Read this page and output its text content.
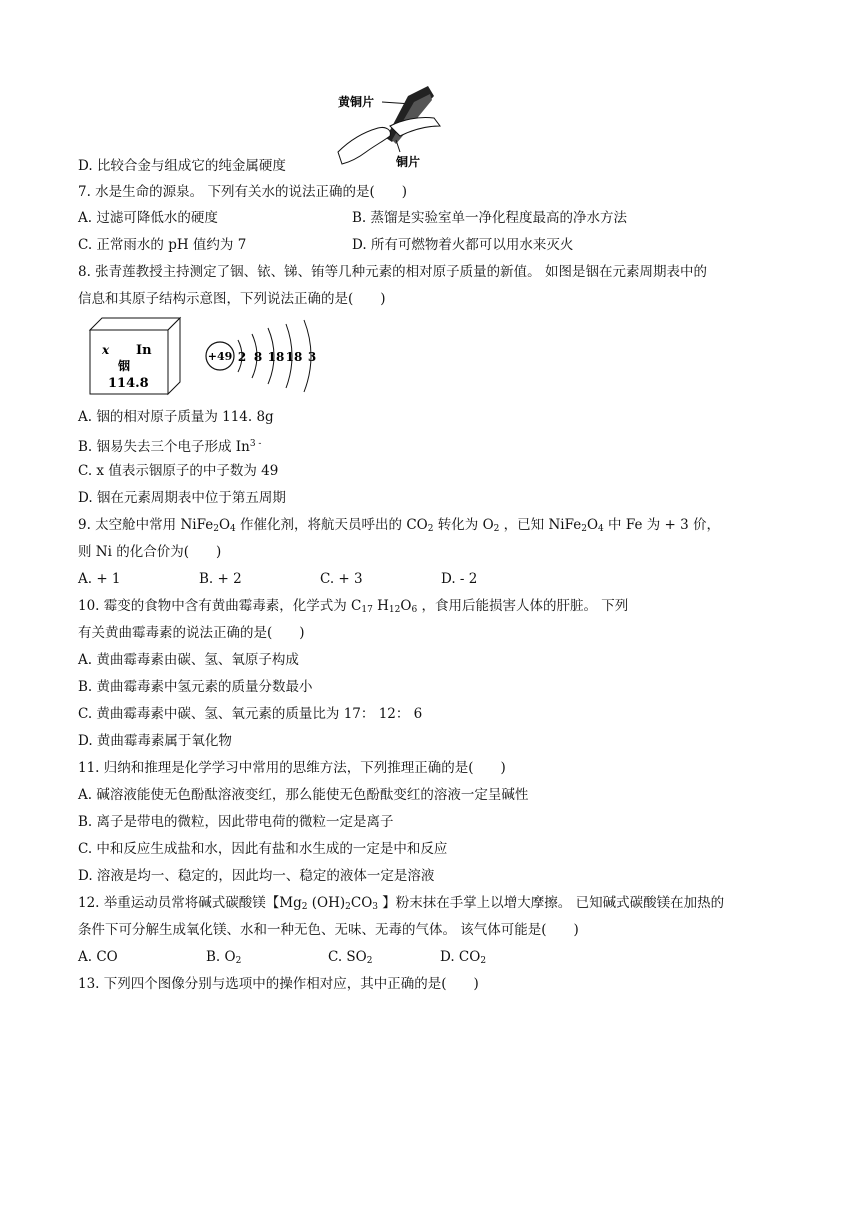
黄铜片
铜片
D. 比较合金与组成它的纯金属硬度
7. 水是生命的源泉。 下列有关水的说法正确的是(　　)
A. 过滤可降低水的硬度	B. 蒸馏是实验室单一净化程度最高的净水方法
C. 正常雨水的 pH 值约为 7	D. 所有可燃物着火都可以用水来灭火
8. 张青莲教授主持测定了铟、铱、锑、铕等几种元素的相对原子质量的新值。 如图是铟在元素周期表中的
信息和其原子结构示意图，下列说法正确的是(　　)
x In
铟
114.8
+49 2 8 18 18 3
A. 铟的相对原子质量为 114. 8g
B. 铟易失去三个电子形成 $In^{3 -}$
C. x 值表示铟原子的中子数为 49
D. 铟在元素周期表中位于第五周期
9. 太空舱中常用 $NiFe_2O_4$ 作催化剂，将航天员呼出的 $CO_2$ 转化为 $O_2$ ，已知 $NiFe_2O_4$ 中 Fe 为 + 3 价，
则 Ni 的化合价为(　　)
A. + 1	B. + 2	C. + 3	D. - 2
10. 霉变的食物中含有黄曲霉毒素，化学式为 $C_{17}$ $H_{12}O_6$ ，食用后能损害人体的肝脏。 下列
有关黄曲霉毒素的说法正确的是(　　)
A. 黄曲霉毒素由碳、氢、氧原子构成
B. 黄曲霉毒素中氢元素的质量分数最小
C. 黄曲霉毒素中碳、氢、氧元素的质量比为 17： 12： 6
D. 黄曲霉毒素属于氧化物
11. 归纳和推理是化学学习中常用的思维方法，下列推理正确的是(　　)
A. 碱溶液能使无色酚酞溶液变红，那么能使无色酚酞变红的溶液一定呈碱性
B. 离子是带电的微粒，因此带电荷的微粒一定是离子
C. 中和反应生成盐和水，因此有盐和水生成的一定是中和反应
D. 溶液是均一、稳定的，因此均一、稳定的液体一定是溶液
12. 举重运动员常将碱式碳酸镁【$Mg_2$ $(OH)_2CO_3$ 】粉末抹在手掌上以增大摩擦。 已知碱式碳酸镁在加热的
条件下可分解生成氧化镁、水和一种无色、无味、无毒的气体。 该气体可能是(　　)
A. CO	B. $O_2$	C. $SO_2$	D. $CO_2$
13. 下列四个图像分别与选项中的操作相对应，其中正确的是(　　)
